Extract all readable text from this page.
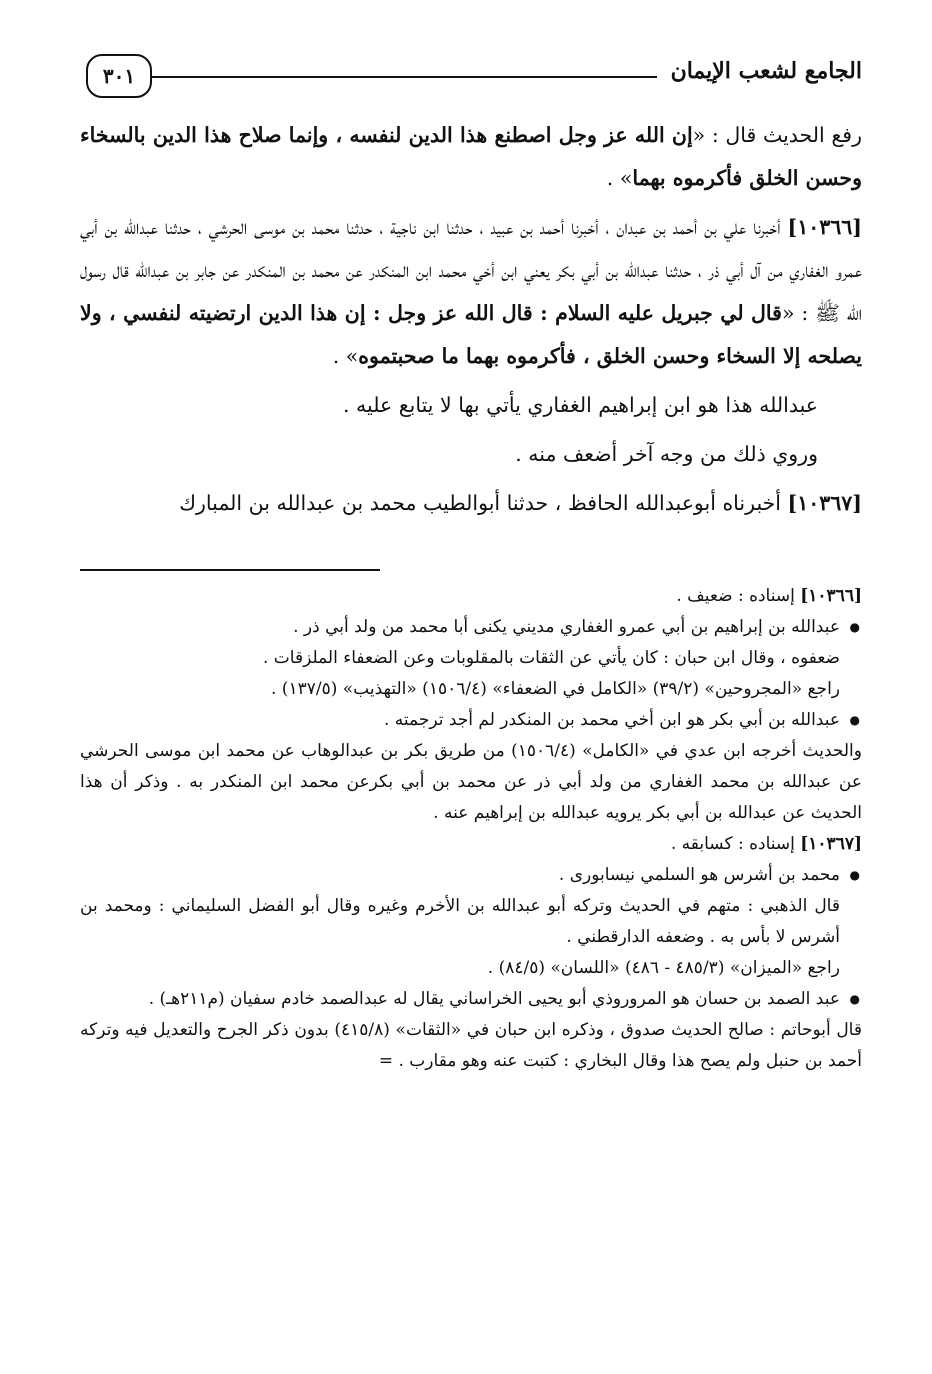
الجامع لشعب الإيمان
٣٠١

رفع الحديث قال : «إن الله عز وجل اصطنع هذا الدين لنفسه ، وإنما صلاح هذا الدين بالسخاء وحسن الخلق فأكرموه بهما» .

[١٠٣٦٦] أخبرنا علي بن أحمد بن عبدان ، أخبرنا أحمد بن عبيد ، حدثنا ابن ناجية ، حدثنا محمد بن موسى الحرشي ، حدثنا عبدالله بن أبي عمرو الغفاري من آل أبي ذر ، حدثنا عبدالله بن أبي بكر يعني ابن أخي محمد ابن المنكدر عن محمد بن المنكدر عن جابر بن عبدالله قال رسول الله ﷺ : «قال لي جبريل عليه السلام : قال الله عز وجل : إن هذا الدين ارتضيته لنفسي ، ولا يصلحه إلا السخاء وحسن الخلق ، فأكرموه بهما ما صحبتموه» .

عبدالله هذا هو ابن إبراهيم الغفاري يأتي بها لا يتابع عليه .

وروي ذلك من وجه آخر أضعف منه .

[١٠٣٦٧] أخبرناه أبوعبدالله الحافظ ، حدثنا أبوالطيب محمد بن عبدالله بن المبارك

[١٠٣٦٦] إسناده : ضعيف .

● عبدالله بن إبراهيم بن أبي عمرو الغفاري مديني يكنى أبا محمد من ولد أبي ذر .

ضعفوه ، وقال ابن حبان : كان يأتي عن الثقات بالمقلوبات وعن الضعفاء الملزقات .

راجع «المجروحين» (٣٩/٢) «الكامل في الضعفاء» (١٥٠٦/٤) «التهذيب» (١٣٧/٥) .

● عبدالله بن أبي بكر هو ابن أخي محمد بن المنكدر لم أجد ترجمته .

والحديث أخرجه ابن عدي في «الكامل» (١٥٠٦/٤) من طريق بكر بن عبدالوهاب عن محمد ابن موسى الحرشي عن عبدالله بن محمد الغفاري من ولد أبي ذر عن محمد بن أبي بكرعن محمد ابن المنكدر به . وذكر أن هذا الحديث عن عبدالله بن أبي بكر يرويه عبدالله بن إبراهيم عنه .

[١٠٣٦٧] إسناده : كسابقه .

● محمد بن أشرس هو السلمي نيسابورى .

قال الذهبي : متهم في الحديث وتركه أبو عبدالله بن الأخرم وغيره وقال أبو الفضل السليماني : ومحمد بن أشرس لا بأس به . وضعفه الدارقطني .

راجع «الميزان» (٤٨٥/٣ - ٤٨٦) «اللسان» (٨٤/٥) .

● عبد الصمد بن حسان هو المروروذي أبو يحيى الخراساني يقال له عبدالصمد خادم سفيان (م٢١١هـ) .

قال أبوحاتم : صالح الحديث صدوق ، وذكره ابن حبان في «الثقات» (٤١٥/٨) بدون ذكر الجرح والتعديل فيه وتركه أحمد بن حنبل ولم يصح هذا وقال البخاري : كتبت عنه وهو مقارب . =
